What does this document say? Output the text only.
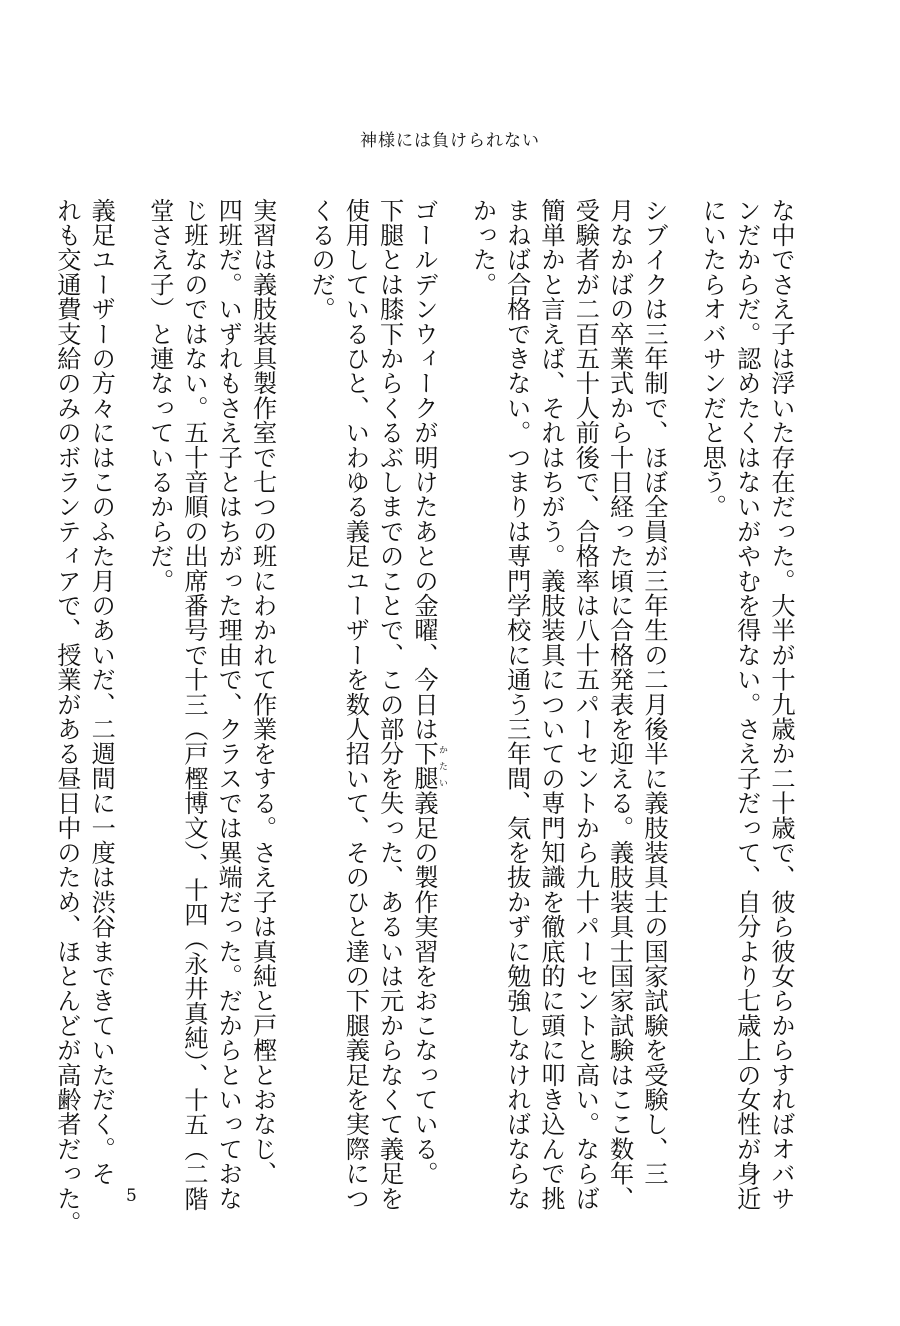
神様には負けられない
な中でさえ子は浮いた存在だった。大半が十九歳か二十歳で、彼ら彼女らからすればオバサ
ンだからだ。認めたくはないがやむを得ない。さえ子だって、自分より七歳上の女性が身近
にいたらオバサンだと思う。
シブイクは三年制で、ほぼ全員が三年生の二月後半に義肢装具士の国家試験を受験し、三
月なかばの卒業式から十日経った頃に合格発表を迎える。義肢装具士国家試験はここ数年、
受験者が二百五十人前後で、合格率は八十五パーセントから九十パーセントと高い。ならば
簡単かと言えば、それはちがう。義肢装具についての専門知識を徹底的に頭に叩き込んで挑
まねば合格できない。つまりは専門学校に通う三年間、気を抜かずに勉強しなければならな
かった。
ゴールデンウィークが明けたあとの金曜、今日は下腿 かたい義足の製作実習をおこなっている。
下腿とは膝下からくるぶしまでのことで、この部分を失った、あるいは元からなくて義足を
使用しているひと、いわゆる義足ユーザーを数人招いて、そのひと達の下腿義足を実際につ
くるのだ。
実習は義肢装具製作室で七つの班にわかれて作業をする。さえ子は真純と戸樫とおなじ、
四班だ。いずれもさえ子とはちがった理由で、クラスでは異端だった。だからといっておな
じ班なのではない。五十音順の出席番号で十三（戸樫博文）、十四（永井真純）、十五（二階
堂さえ子）と連なっているからだ。
義足ユーザーの方々にはこのふた月のあいだ、二週間に一度は渋谷まできていただく。そ
れも交通費支給のみのボランティアで、授業がある昼日中のため、ほとんどが高齢者だった。	5
